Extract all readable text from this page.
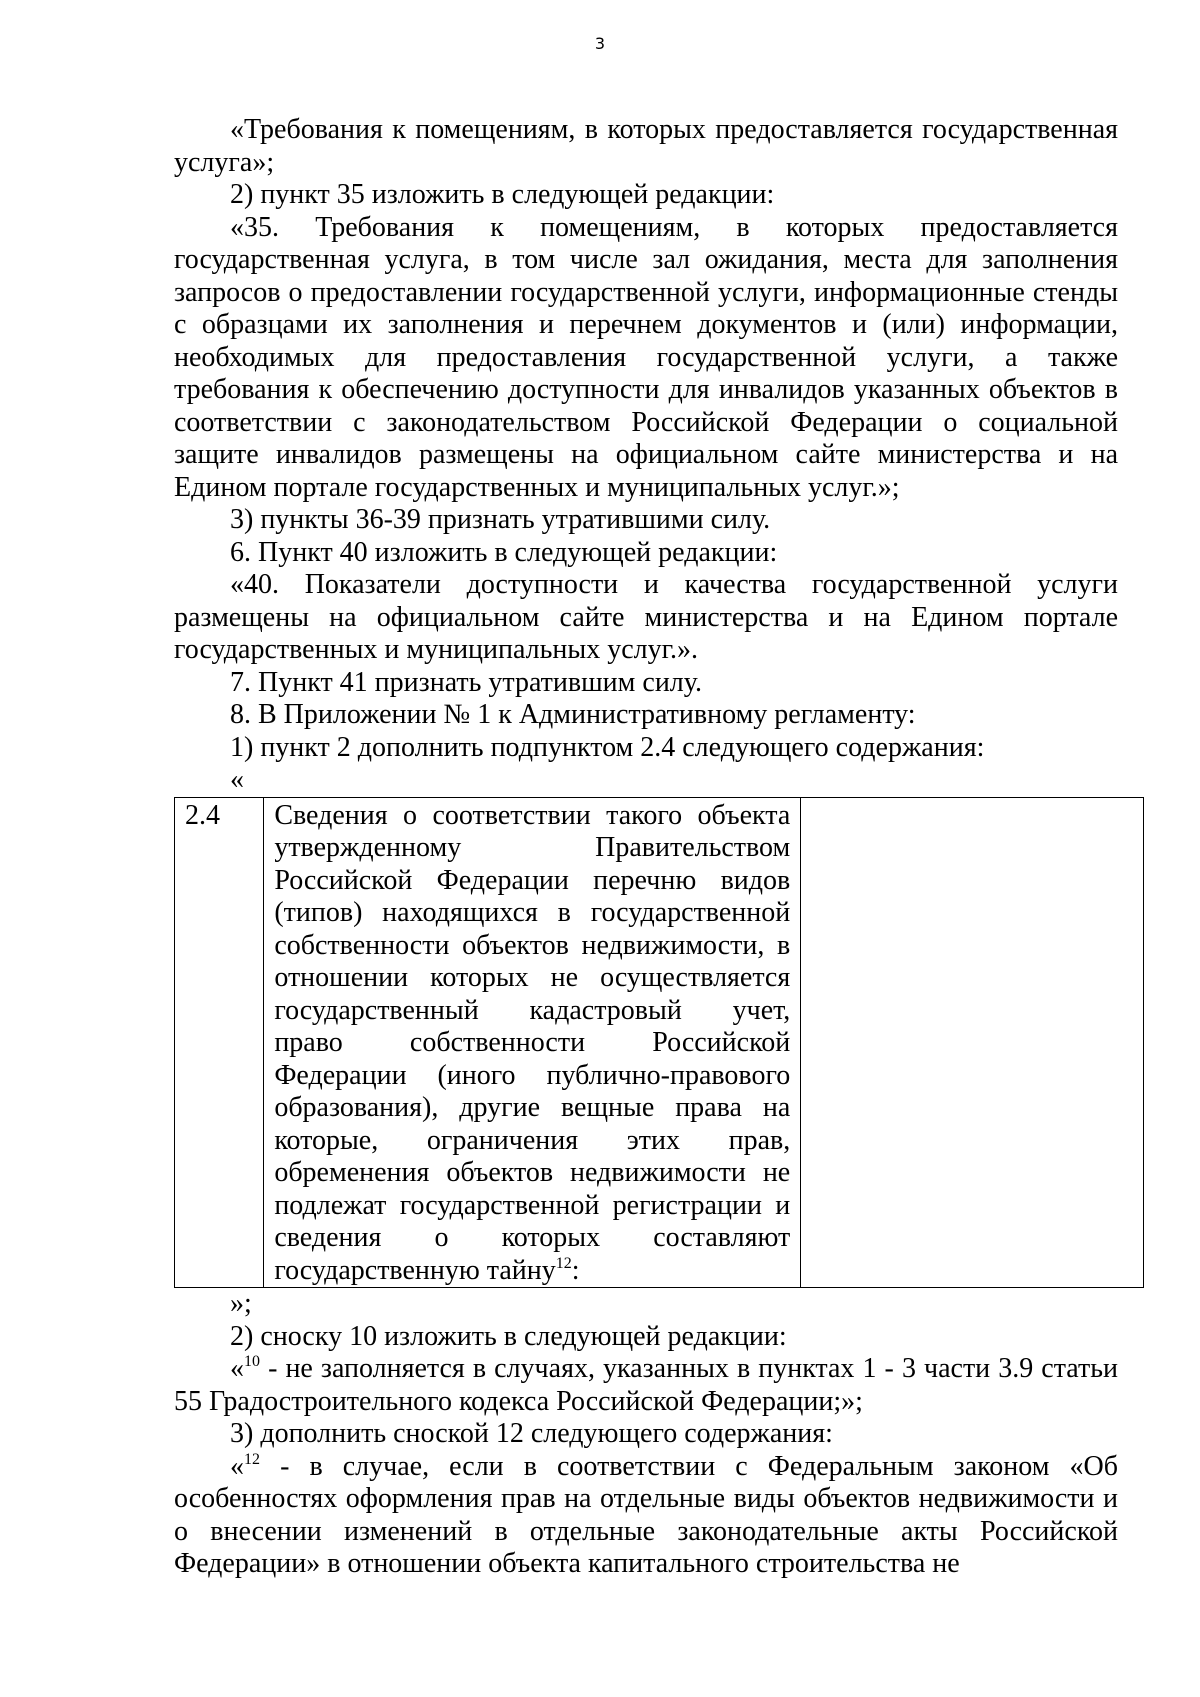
3

«Требования к помещениям, в которых предоставляется государственная услуга»;

2) пункт 35 изложить в следующей редакции:

«35. Требования к помещениям, в которых предоставляется государственная услуга, в том числе зал ожидания, места для заполнения запросов о предоставлении государственной услуги, информационные стенды с образцами их заполнения и перечнем документов и (или) информации, необходимых для предоставления государственной услуги, а также требования к обеспечению доступности для инвалидов указанных объектов в соответствии с законодательством Российской Федерации о социальной защите инвалидов размещены на официальном сайте министерства и на Едином портале государственных и муниципальных услуг.»;

3) пункты 36-39 признать утратившими силу.

6. Пункт 40 изложить в следующей редакции:

«40. Показатели доступности и качества государственной услуги размещены на официальном сайте министерства и на Едином портале государственных и муниципальных услуг.».

7. Пункт 41 признать утратившим силу.

8. В Приложении № 1 к Административному регламенту:

1) пункт 2 дополнить подпунктом 2.4 следующего содержания:

«

2.4	Сведения о соответствии такого объекта
утвержденному Правительством
Российской Федерации перечню видов
(типов) находящихся в государственной
собственности объектов недвижимости, в
отношении которых не осуществляется
государственный кадастровый учет,
право собственности Российской
Федерации (иного публично-правового
образования), другие вещные права на
которые, ограничения этих прав,
обременения объектов недвижимости не
подлежат государственной регистрации и
сведения о которых составляют
государственную тайну$^{12}$:

»;

2) сноску 10 изложить в следующей редакции:

«$^{10}$ - не заполняется в случаях, указанных в пунктах 1 - 3 части 3.9 статьи 55 Градостроительного кодекса Российской Федерации;»;

3) дополнить сноской 12 следующего содержания:

«$^{12}$ - в случае, если в соответствии с Федеральным законом «Об особенностях оформления прав на отдельные виды объектов недвижимости и о внесении изменений в отдельные законодательные акты Российской Федерации» в отношении объекта капитального строительства не
